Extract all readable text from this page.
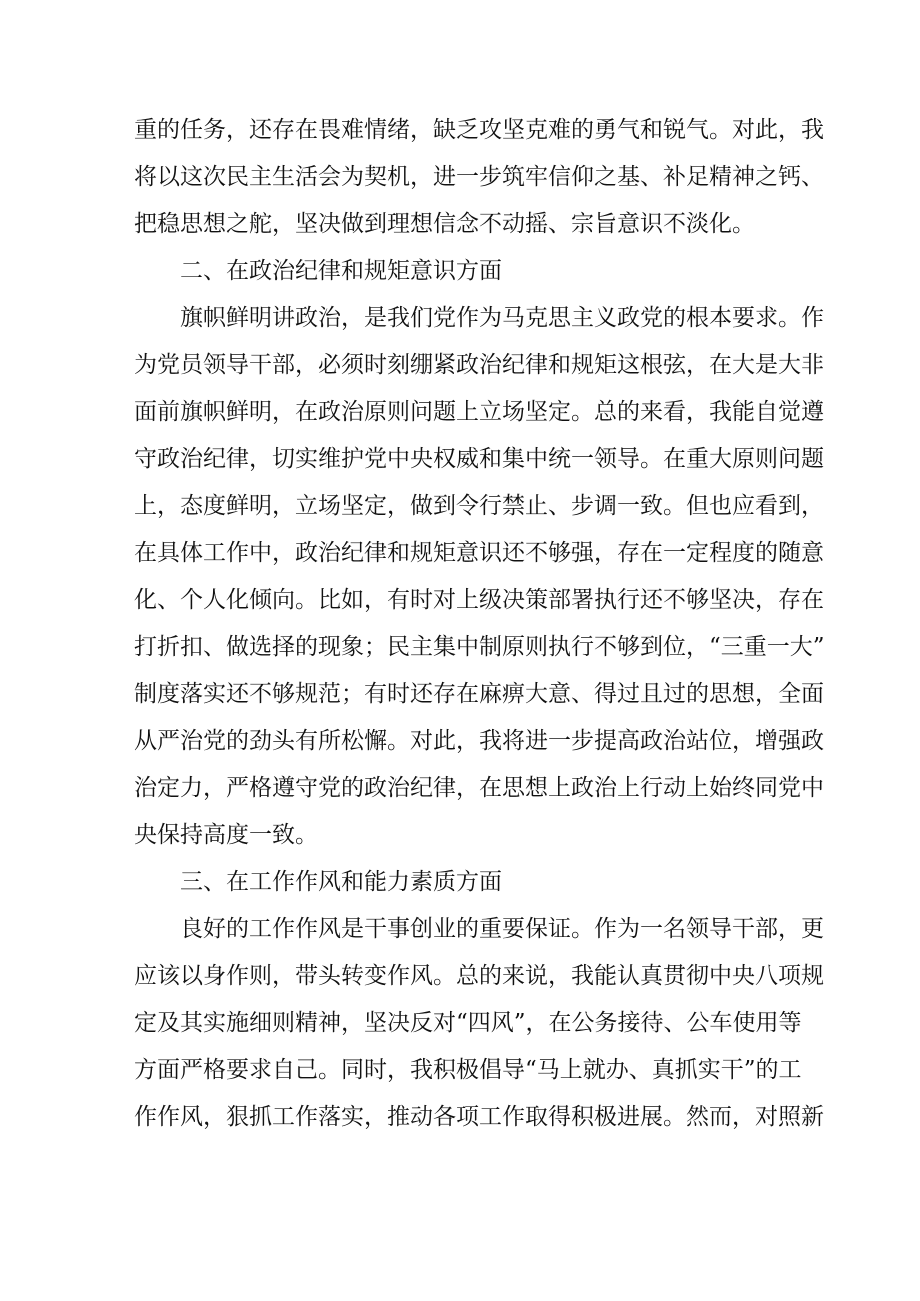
重的任务，还存在畏难情绪，缺乏攻坚克难的勇气和锐气。对此，我
将以这次民主生活会为契机，进一步筑牢信仰之基、补足精神之钙、
把稳思想之舵，坚决做到理想信念不动摇、宗旨意识不淡化。
二、在政治纪律和规矩意识方面
旗帜鲜明讲政治，是我们党作为马克思主义政党的根本要求。作
为党员领导干部，必须时刻绷紧政治纪律和规矩这根弦，在大是大非
面前旗帜鲜明，在政治原则问题上立场坚定。总的来看，我能自觉遵
守政治纪律，切实维护党中央权威和集中统一领导。在重大原则问题
上，态度鲜明，立场坚定，做到令行禁止、步调一致。但也应看到，
在具体工作中，政治纪律和规矩意识还不够强，存在一定程度的随意
化、个人化倾向。比如，有时对上级决策部署执行还不够坚决，存在
打折扣、做选择的现象；民主集中制原则执行不够到位，“三重一大”
制度落实还不够规范；有时还存在麻痹大意、得过且过的思想，全面
从严治党的劲头有所松懈。对此，我将进一步提高政治站位，增强政
治定力，严格遵守党的政治纪律，在思想上政治上行动上始终同党中
央保持高度一致。
三、在工作作风和能力素质方面
良好的工作作风是干事创业的重要保证。作为一名领导干部，更
应该以身作则，带头转变作风。总的来说，我能认真贯彻中央八项规
定及其实施细则精神，坚决反对“四风”，在公务接待、公车使用等
方面严格要求自己。同时，我积极倡导“马上就办、真抓实干”的工
作作风，狠抓工作落实，推动各项工作取得积极进展。然而，对照新
